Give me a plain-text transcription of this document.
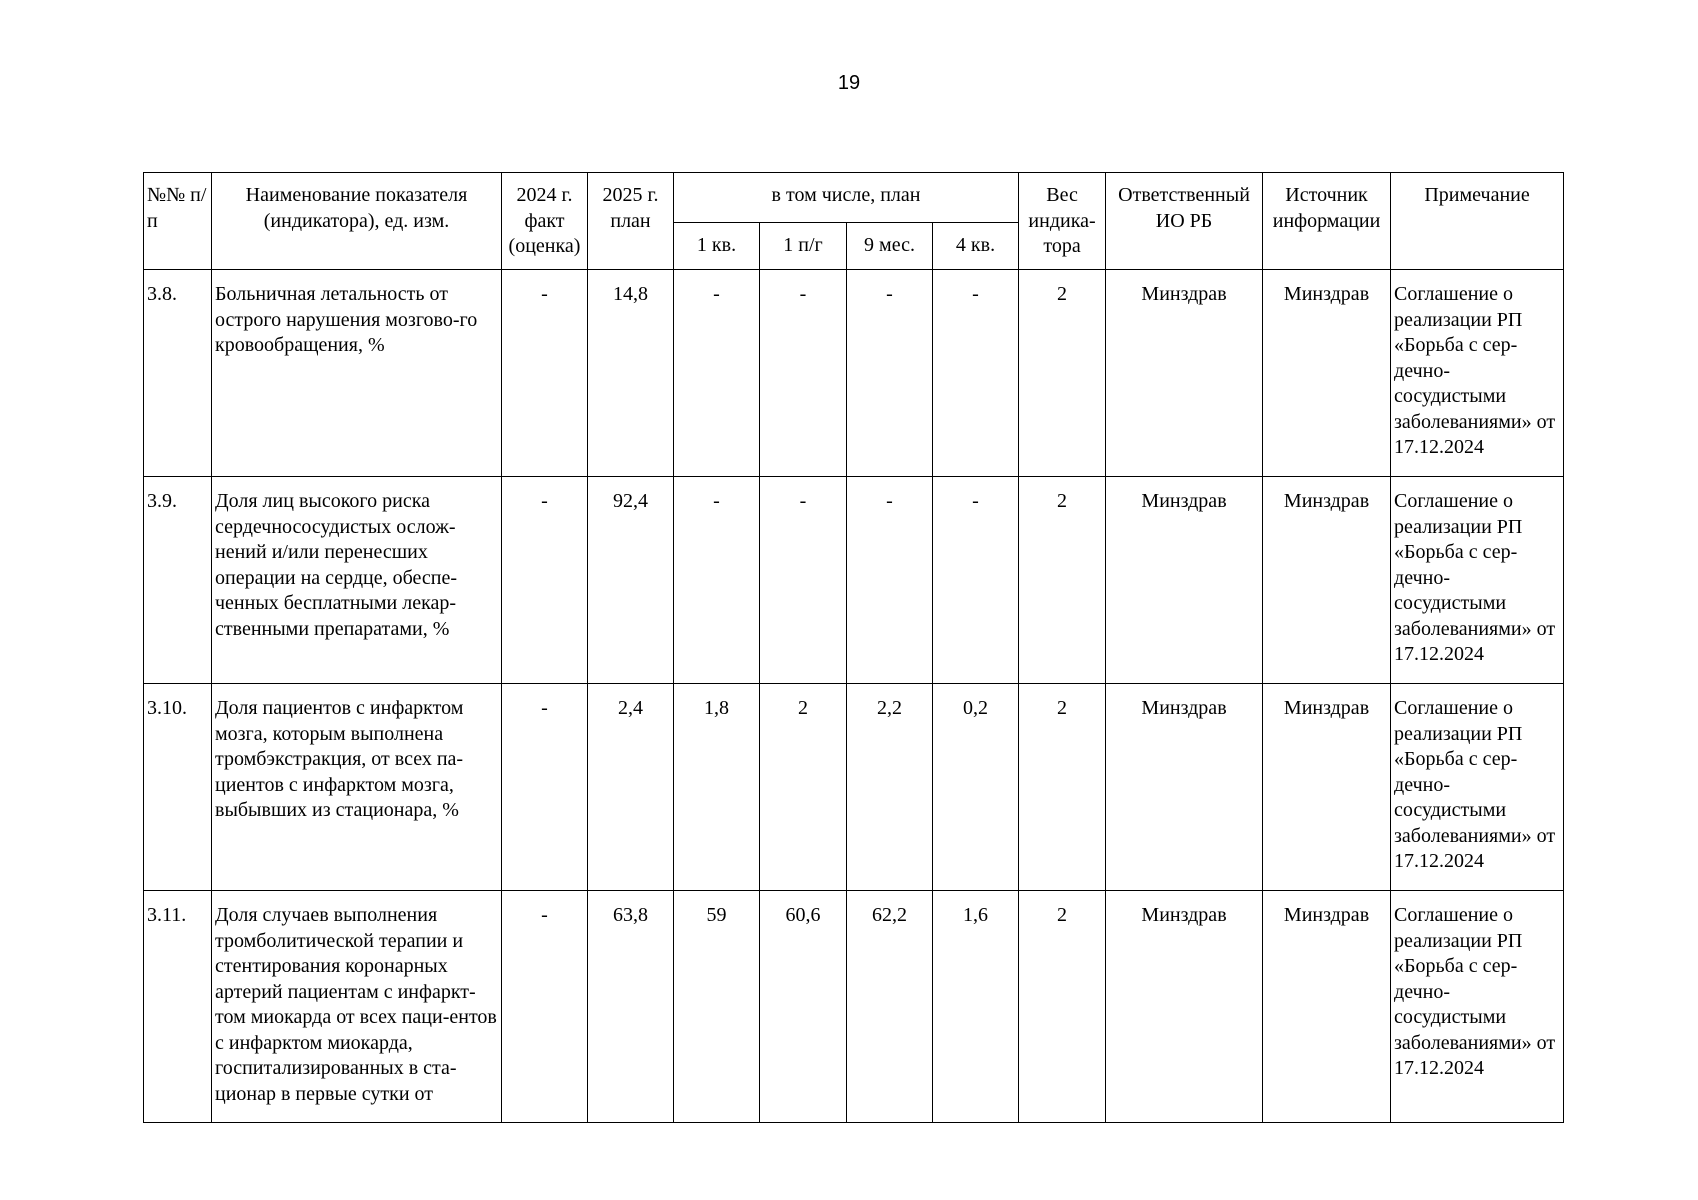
19
№№ п/п	Наименование показателя (индикатора), ед. изм.	2024 г. факт (оценка)	2025 г. план	в том числе, план				Вес индика-тора	Ответственный ИО РБ	Источник информации	Примечание
				1 кв.	1 п/г	9 мес.	4 кв.				
3.8.	Больничная летальность от острого нарушения мозгово-го кровообращения, %	-	14,8	-	-	-	-	2	Минздрав	Минздрав	Соглашение о реализации РП «Борьба с сер-дечно-сосудистыми заболеваниями» от 17.12.2024
3.9.	Доля лиц высокого риска сердечнососудистых ослож-нений и/или перенесших операции на сердце, обеспе-ченных бесплатными лекар-ственными препаратами, %	-	92,4	-	-	-	-	2	Минздрав	Минздрав	Соглашение о реализации РП «Борьба с сер-дечно-сосудистыми заболеваниями» от 17.12.2024
3.10.	Доля пациентов с инфарктом мозга, которым выполнена тромбэкстракция, от всех па-циентов с инфарктом мозга, выбывших из стационара, %	-	2,4	1,8	2	2,2	0,2	2	Минздрав	Минздрав	Соглашение о реализации РП «Борьба с сер-дечно-сосудистыми заболеваниями» от 17.12.2024
3.11.	Доля случаев выполнения тромболитической терапии и стентирования коронарных артерий пациентам с инфаркт-том миокарда от всех паци-ентов с инфарктом миокарда, госпитализированных в ста-ционар в первые сутки от	-	63,8	59	60,6	62,2	1,6	2	Минздрав	Минздрав	Соглашение о реализации РП «Борьба с сер-дечно-сосудистыми заболеваниями» от 17.12.2024
